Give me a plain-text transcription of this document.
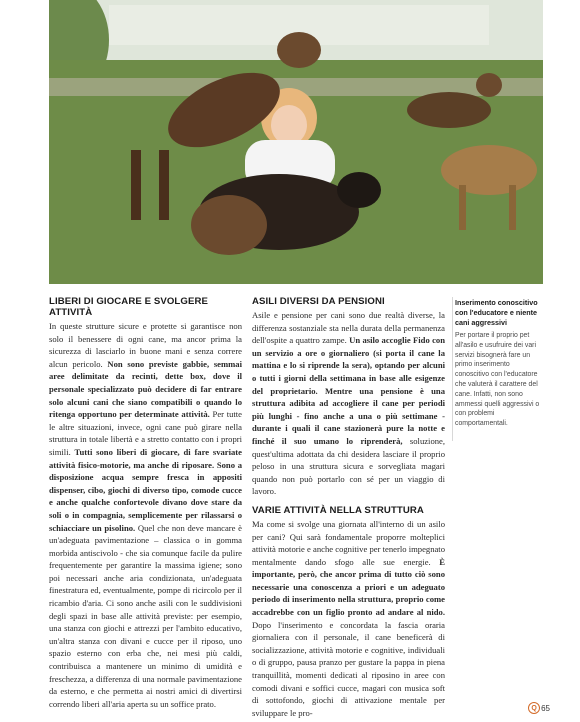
LIBERI DI GIOCARE E SVOLGERE ATTIVITÀ

In queste strutture sicure e protette si garantisce non solo il benessere di ogni cane, ma ancor prima la sicurezza di lasciarlo in buone mani e senza correre alcun pericolo. Non sono previste gabbie, semmai aree delimitate da recinti, dette box, dove il personale specializzato può decidere di far entrare solo alcuni cani che siano compatibili o quando lo ritenga opportuno per determinate attività. Per tutte le altre situazioni, invece, ogni cane può girare nella struttura in totale libertà e a stretto contatto con i propri simili. Tutti sono liberi di giocare, di fare svariate attività fisico-motorie, ma anche di riposare. Sono a disposizione acqua sempre fresca in appositi dispenser, cibo, giochi di diverso tipo, comode cucce e anche qualche confortevole divano dove stare da soli o in compagnia, semplicemente per rilassarsi o schiacciare un pisolino. Quel che non deve mancare è un'adeguata pavimentazione – classica o in gomma morbida antiscivolo - che sia comunque facile da pulire frequentemente per garantire la massima igiene; sono poi necessari anche aria condizionata, un'adeguata finestratura ed, eventualmente, pompe di ricircolo per il ricambio d'aria. Ci sono anche asili con le suddivisioni degli spazi in base alle attività previste: per esempio, una stanza con giochi e attrezzi per l'ambito educativo, un'altra stanza con divani e cucce per il riposo, uno spazio esterno con erba che, nei mesi più caldi, contribuisca a mantenere un minimo di umidità e freschezza, a differenza di una normale pavimentazione da esterno, e che permetta ai nostri amici di divertirsi correndo liberi all'aria aperta su un soffice prato.

ASILI DIVERSI DA PENSIONI

Asile e pensione per cani sono due realtà diverse, la differenza sostanziale sta nella durata della permanenza dell'ospite a quattro zampe. Un asilo accoglie Fido con un servizio a ore o giornaliero (si porta il cane la mattina e lo si riprende la sera), optando per alcuni o tutti i giorni della settimana in base alle esigenze del proprietario. Mentre una pensione è una struttura adibita ad accogliere il cane per periodi più lunghi - fino anche a una o più settimane - durante i quali il cane stazionerà pure la notte e finché il suo umano lo riprenderà, soluzione, quest'ultima adottata da chi desidera lasciare il proprio peloso in una struttura sicura e sorvegliata magari quando non può portarlo con sé per un viaggio di lavoro.

VARIE ATTIVITÀ NELLA STRUTTURA

Ma come si svolge una giornata all'interno di un asilo per cani? Qui sarà fondamentale proporre molteplici attività motorie e anche cognitive per tenerlo impegnato mentalmente dando sfogo alle sue energie. È importante, però, che ancor prima di tutto ciò sono necessarie una conoscenza a priori e un adeguato periodo di inserimento nella struttura, proprio come accadrebbe con un figlio pronto ad andare al nido. Dopo l'inserimento e concordata la fascia oraria giornaliera con il personale, il cane beneficerà di socializzazione, attività motorie e cognitive, individuali o di gruppo, pausa pranzo per gustare la pappa in piena tranquillità, momenti dedicati al riposino in aree con comodi divani e soffici cucce, magari con musica soft di sottofondo, giochi di attivazione mentale per sviluppare le pro-

Inserimento conoscitivo con l'educatore e niente cani aggressivi

Per portare il proprio pet all'asilo e usufruire dei vari servizi bisognerà fare un primo inserimento conoscitivo con l'educatore che valuterà il carattere del cane. Infatti, non sono ammessi quelli aggressivi o con problemi comportamentali.

Q 65
